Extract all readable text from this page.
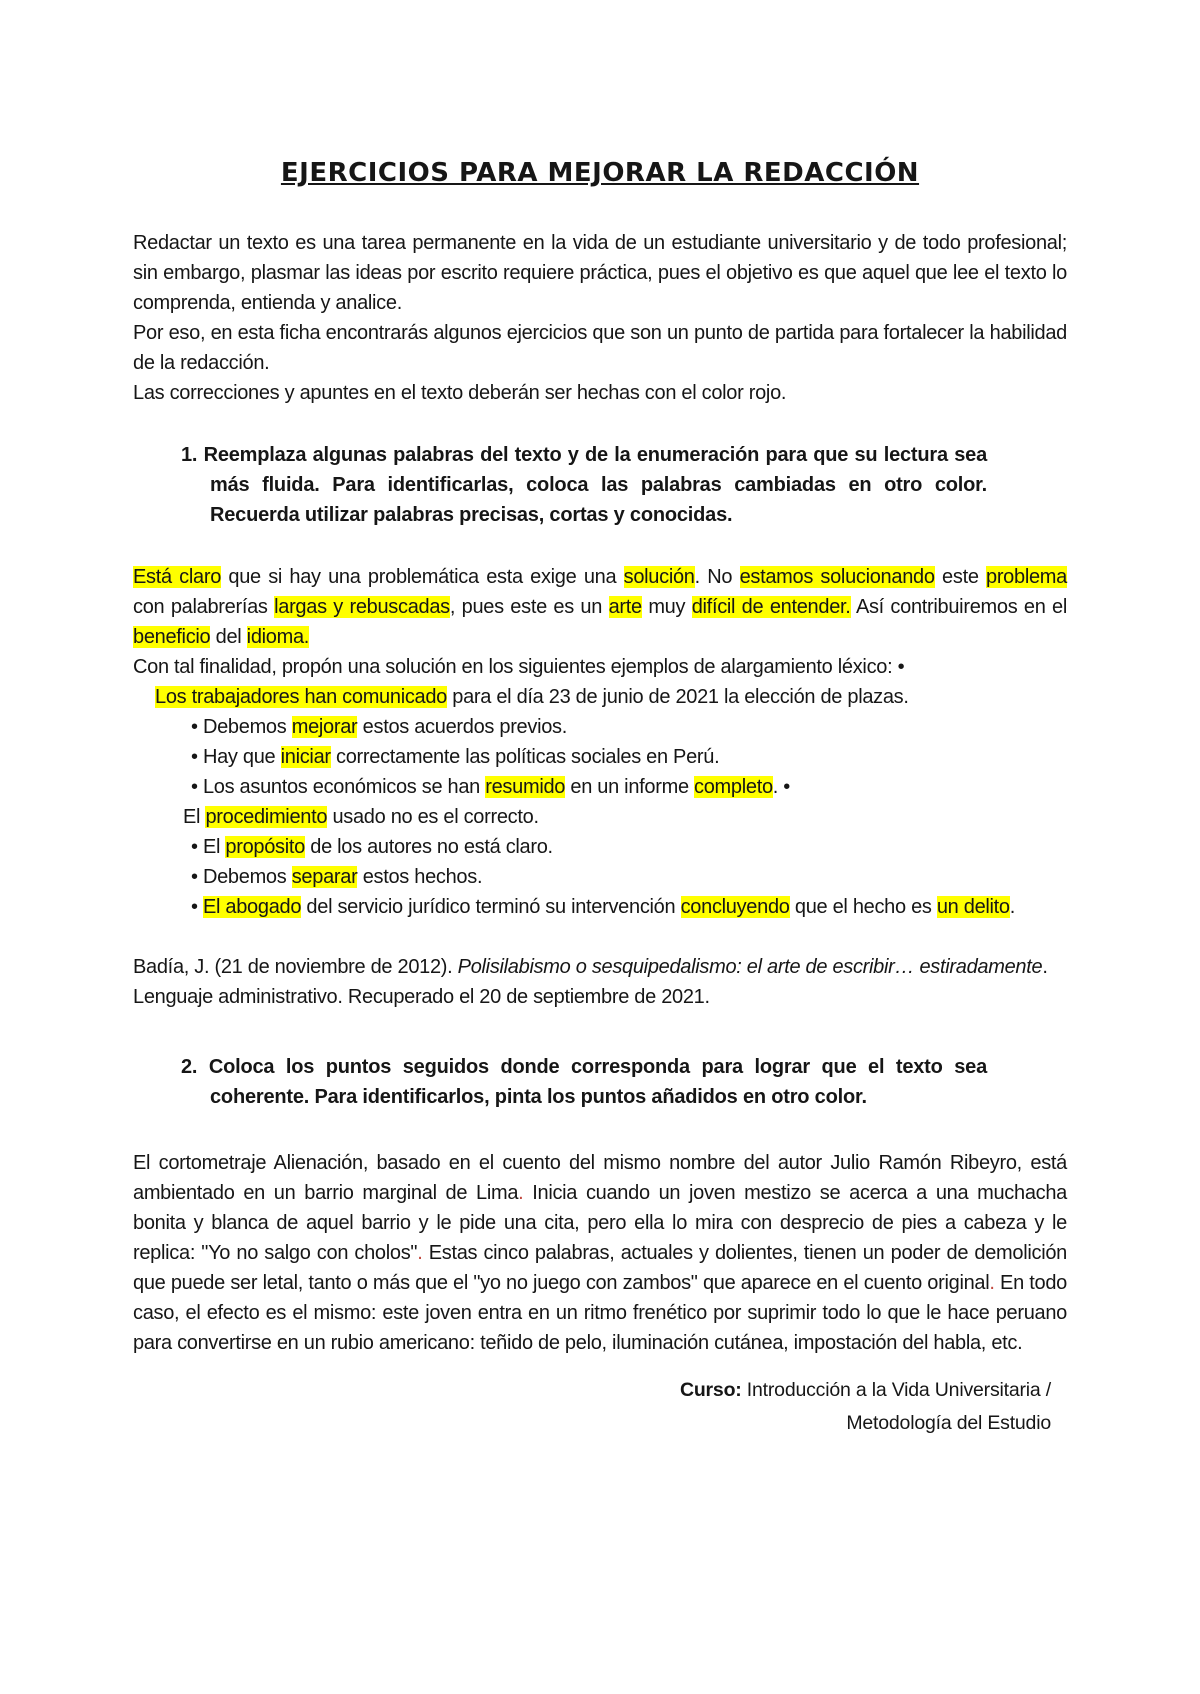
EJERCICIOS PARA MEJORAR LA REDACCIÓN

Redactar un texto es una tarea permanente en la vida de un estudiante universitario y de todo profesional; sin embargo, plasmar las ideas por escrito requiere práctica, pues el objetivo es que aquel que lee el texto lo comprenda, entienda y analice.

Por eso, en esta ficha encontrarás algunos ejercicios que son un punto de partida para fortalecer la habilidad de la redacción.

Las correcciones y apuntes en el texto deberán ser hechas con el color rojo.

1. Reemplaza algunas palabras del texto y de la enumeración para que su lectura sea más fluida. Para identificarlas, coloca las palabras cambiadas en otro color. Recuerda utilizar palabras precisas, cortas y conocidas.

Está claro que si hay una problemática esta exige una solución. No estamos solucionando este problema con palabrerías largas y rebuscadas, pues este es un arte muy difícil de entender. Así contribuiremos en el beneficio del idioma.

Con tal finalidad, propón una solución en los siguientes ejemplos de alargamiento léxico: •

Los trabajadores han comunicado para el día 23 de junio de 2021 la elección de plazas.
• Debemos mejorar estos acuerdos previos.
• Hay que iniciar correctamente las políticas sociales en Perú.
• Los asuntos económicos se han resumido en un informe completo. •
El procedimiento usado no es el correcto.
• El propósito de los autores no está claro.
• Debemos separar estos hechos.
• El abogado del servicio jurídico terminó su intervención concluyendo que el hecho es un delito.

Badía, J. (21 de noviembre de 2012). Polisilabismo o sesquipedalismo: el arte de escribir… estiradamente. Lenguaje administrativo. Recuperado el 20 de septiembre de 2021.

2. Coloca los puntos seguidos donde corresponda para lograr que el texto sea coherente. Para identificarlos, pinta los puntos añadidos en otro color.

El cortometraje Alienación, basado en el cuento del mismo nombre del autor Julio Ramón Ribeyro, está ambientado en un barrio marginal de Lima. Inicia cuando un joven mestizo se acerca a una muchacha bonita y blanca de aquel barrio y le pide una cita, pero ella lo mira con desprecio de pies a cabeza y le replica: "Yo no salgo con cholos". Estas cinco palabras, actuales y dolientes, tienen un poder de demolición que puede ser letal, tanto o más que el "yo no juego con zambos" que aparece en el cuento original. En todo caso, el efecto es el mismo: este joven entra en un ritmo frenético por suprimir todo lo que le hace peruano para convertirse en un rubio americano: teñido de pelo, iluminación cutánea, impostación del habla, etc.

Curso: Introducción a la Vida Universitaria /
Metodología del Estudio
